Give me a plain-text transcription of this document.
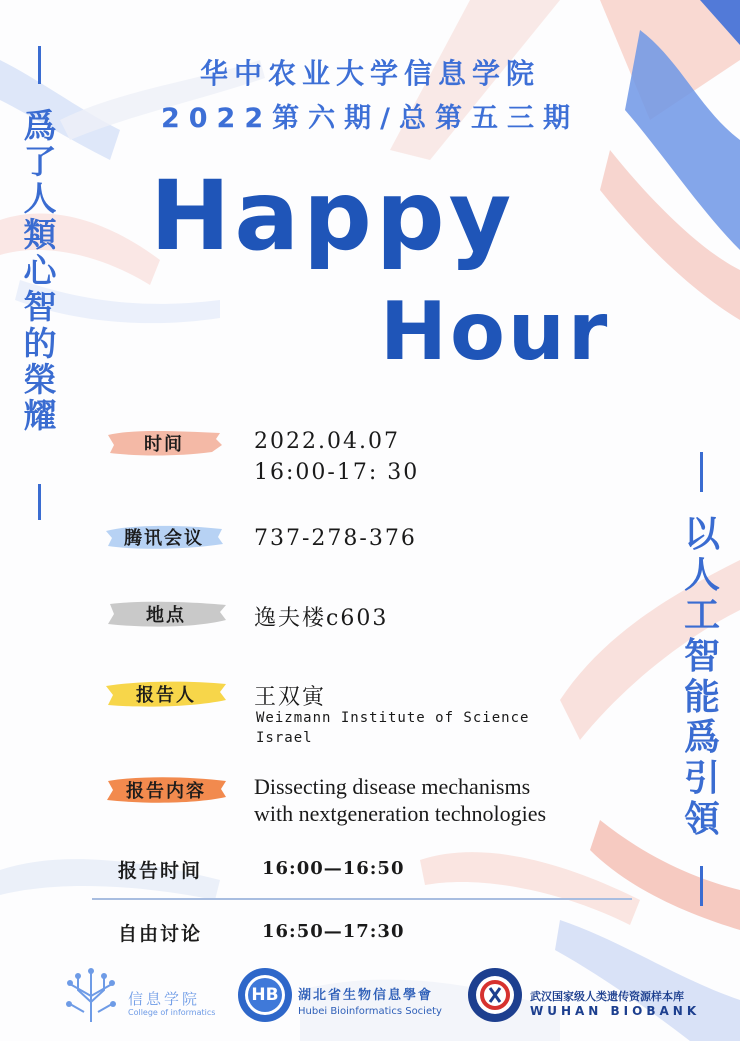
华中农业大学信息学院
2022第六期/总第五三期
Happy
Hour
爲
了
人
類
心
智
的
榮
耀
以
人
工
智
能
爲
引
領
时间	2022.04.07
16:00-17: 30
腾讯会议 737-278-376
地点	逸夫楼c603
报告人	王双寅
Weizmann Institute of Science
Israel
报告内容 Dissecting disease mechanisms
with nextgeneration technologies
报告时间	16:00—16:50
自由讨论	16:50—17:30
信息学院
College of informatics
HB	湖北省生物信息學會
Hubei Bioinformatics Society
武汉国家级人类遗传资源样本库
WUHAN BIOBANK
